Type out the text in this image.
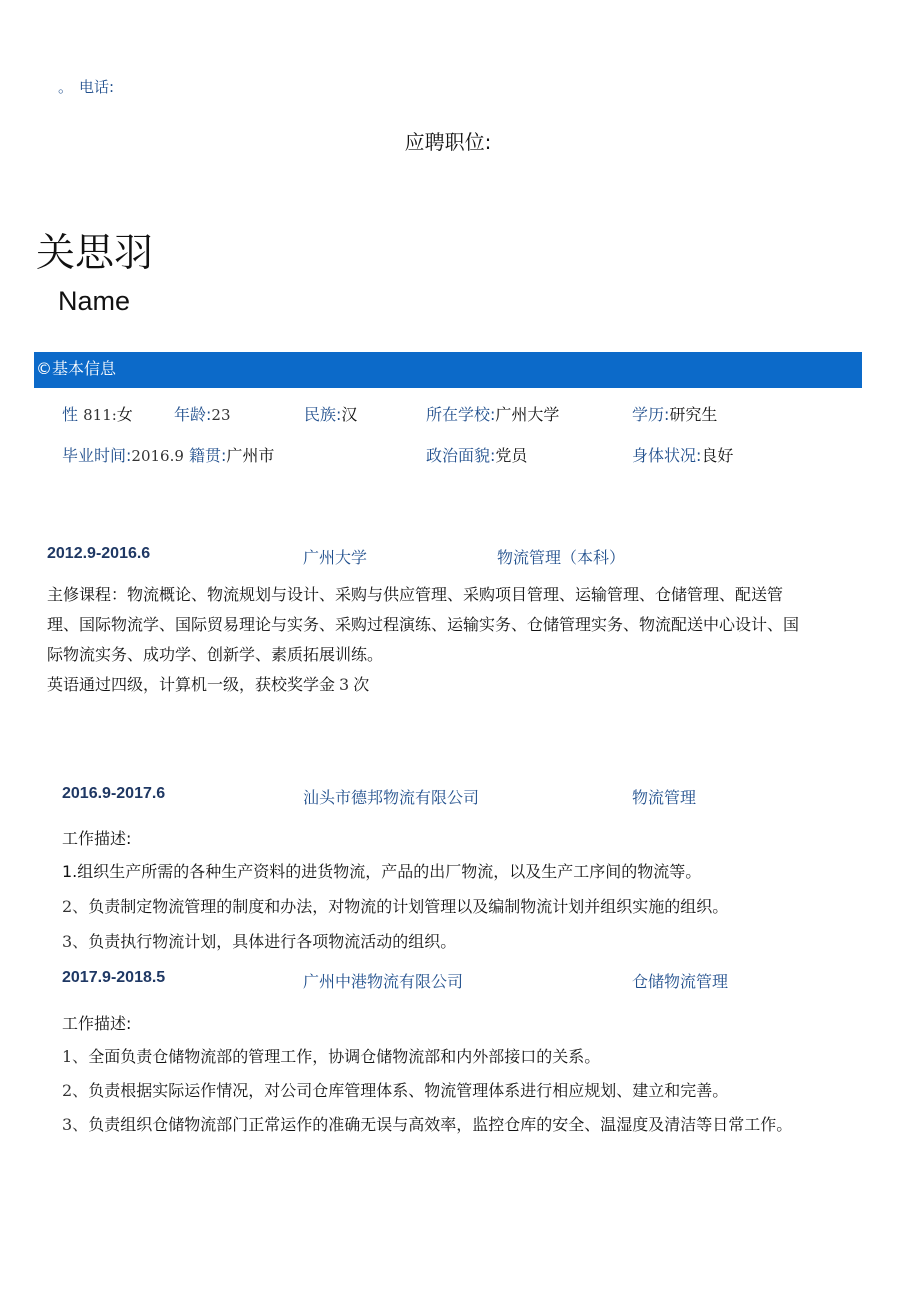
。 电话:
应聘职位:
关思羽
Name
©基本信息
性 811:女	年龄:23	民族:汉	所在学校:广州大学	学历:研究生
毕业时间:2016.9 籍贯:广州市	政治面貌:党员	身体状况:良好
2012.9-2016.6	广州大学	物流管理（本科）
主修课程：物流概论、物流规划与设计、采购与供应管理、采购项目管理、运输管理、仓储管理、配送管
理、国际物流学、国际贸易理论与实务、采购过程演练、运输实务、仓储管理实务、物流配送中心设计、国
际物流实务、成功学、创新学、素质拓展训练。
英语通过四级，计算机一级，获校奖学金 3 次
2016.9-2017.6	汕头市德邦物流有限公司	物流管理
工作描述:
1.组织生产所需的各种生产资料的进货物流，产品的出厂物流，以及生产工序间的物流等。
2、负责制定物流管理的制度和办法，对物流的计划管理以及编制物流计划并组织实施的组织。
3、负责执行物流计划，具体进行各项物流活动的组织。
2017.9-2018.5	广州中港物流有限公司	仓储物流管理
工作描述:
1、全面负责仓储物流部的管理工作，协调仓储物流部和内外部接口的关系。
2、负责根据实际运作情况，对公司仓库管理体系、物流管理体系进行相应规划、建立和完善。
3、负责组织仓储物流部门正常运作的准确无误与高效率，监控仓库的安全、温湿度及清洁等日常工作。
